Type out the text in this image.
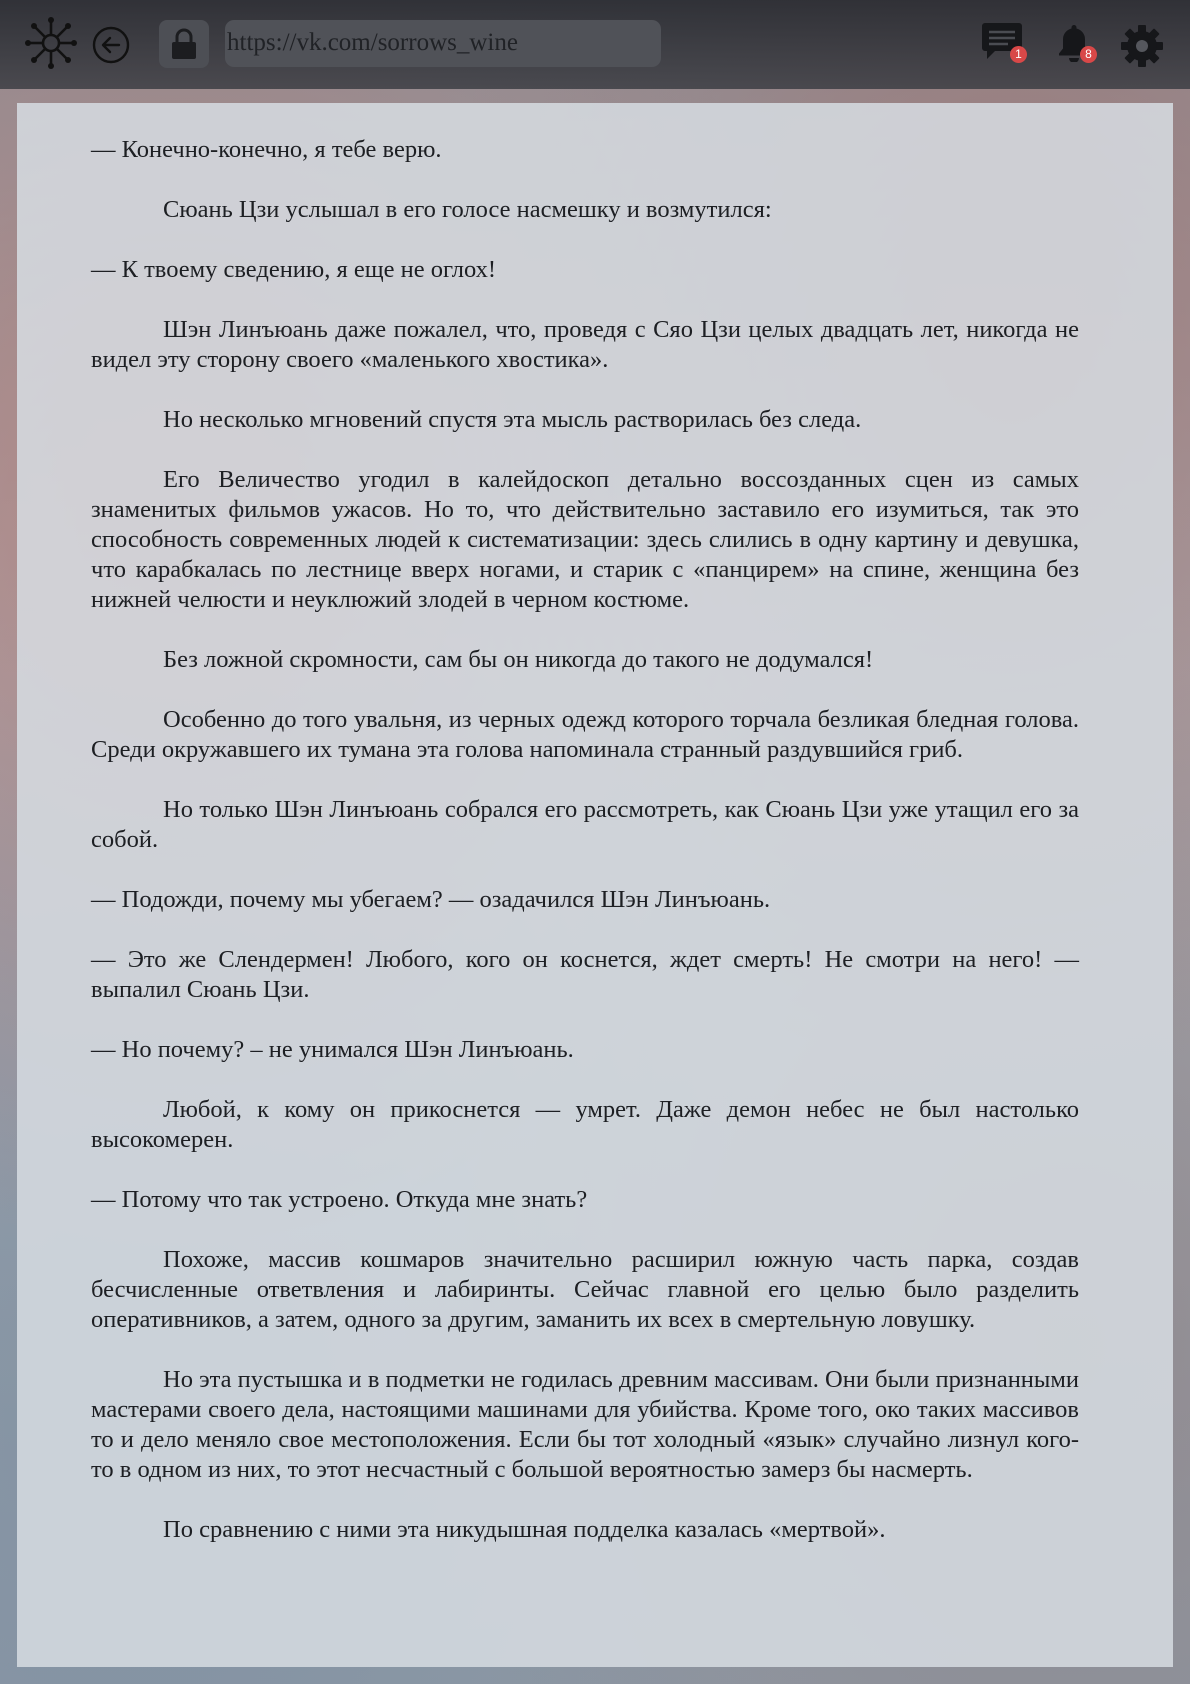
https://vk.com/sorrows_wine	1	8

— Конечно-конечно, я тебе верю.

Сюань Цзи услышал в его голосе насмешку и возмутился:

— К твоему сведению, я еще не оглох!

Шэн Линъюань даже пожалел, что, проведя с Сяо Цзи целых двадцать лет, никогда не видел эту сторону своего «маленького хвостика».

Но несколько мгновений спустя эта мысль растворилась без следа.

Его Величество угодил в калейдоскоп детально воссозданных сцен из самых знаменитых фильмов ужасов. Но то, что действительно заставило его изумиться, так это способность современных людей к систематизации: здесь слились в одну картину и девушка, что карабкалась по лестнице вверх ногами, и старик с «панцирем» на спине, женщина без нижней челюсти и неуклюжий злодей в черном костюме.

Без ложной скромности, сам бы он никогда до такого не додумался!

Особенно до того увальня, из черных одежд которого торчала безликая бледная голова. Среди окружавшего их тумана эта голова напоминала странный раздувшийся гриб.

Но только Шэн Линъюань собрался его рассмотреть, как Сюань Цзи уже утащил его за собой.

— Подожди, почему мы убегаем? — озадачился Шэн Линъюань.

— Это же Слендермен! Любого, кого он коснется, ждет смерть! Не смотри на него! — выпалил Сюань Цзи.

— Но почему? – не унимался Шэн Линъюань.

Любой, к кому он прикоснется — умрет. Даже демон небес не был настолько высокомерен.

— Потому что так устроено. Откуда мне знать?

Похоже, массив кошмаров значительно расширил южную часть парка, создав бесчисленные ответвления и лабиринты. Сейчас главной его целью было разделить оперативников, а затем, одного за другим, заманить их всех в смертельную ловушку.

Но эта пустышка и в подметки не годилась древним массивам. Они были признанными мастерами своего дела, настоящими машинами для убийства. Кроме того, око таких массивов то и дело меняло свое местоположения. Если бы тот холодный «язык» случайно лизнул кого-то в одном из них, то этот несчастный с большой вероятностью замерз бы насмерть.

По сравнению с ними эта никудышная подделка казалась «мертвой».
